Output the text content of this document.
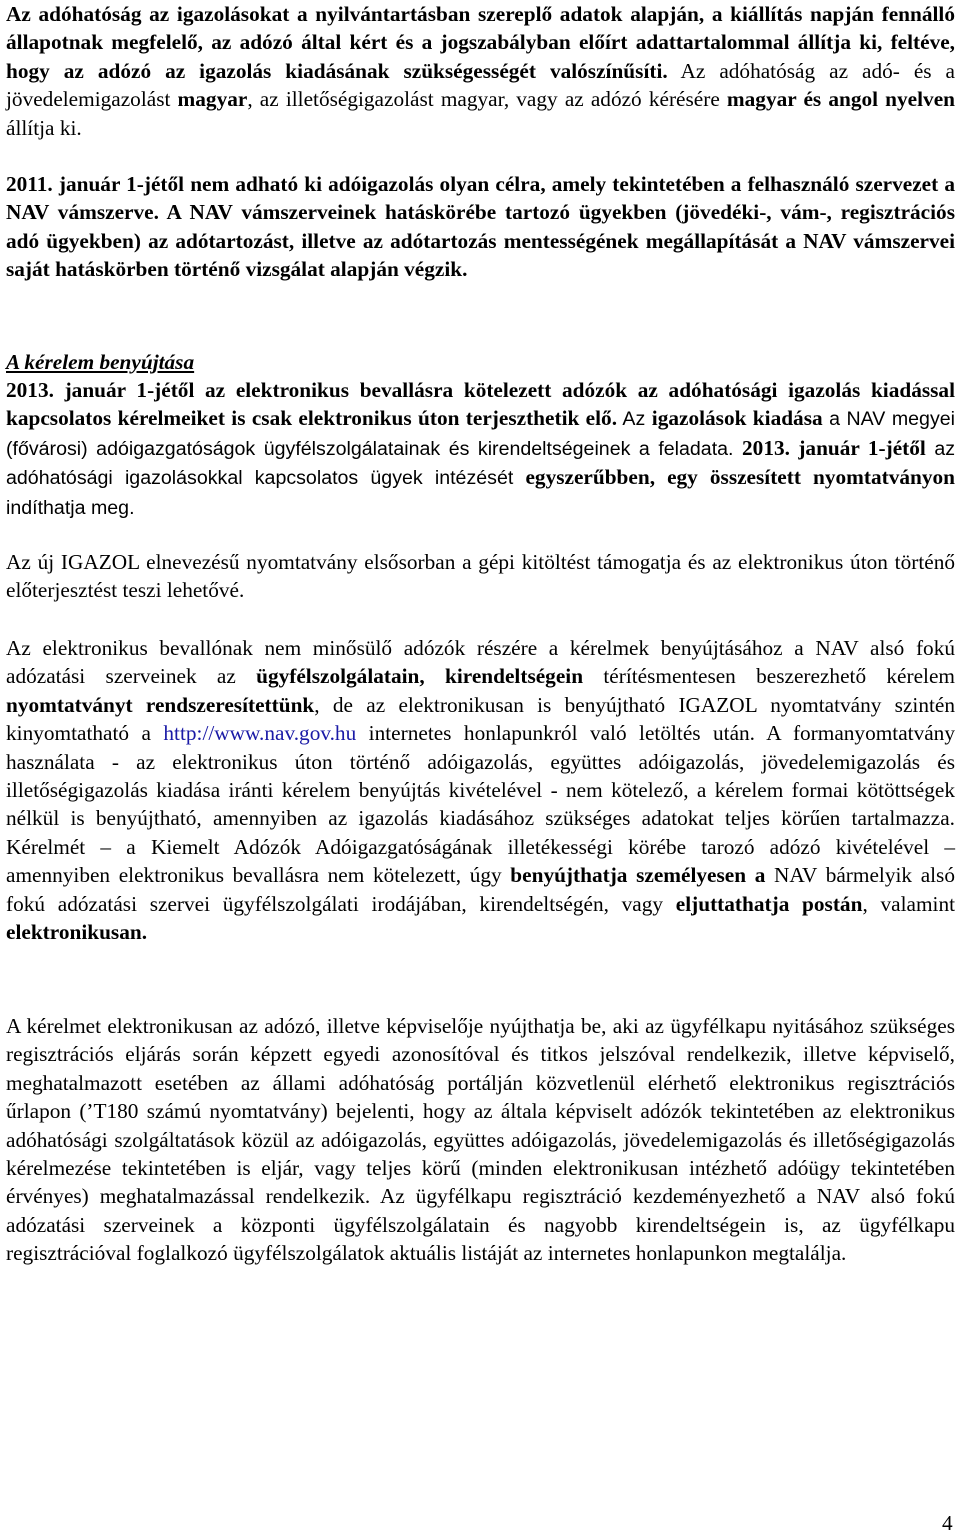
Az adóhatóság az igazolásokat a nyilvántartásban szereplő adatok alapján, a kiállítás napján fennálló állapotnak megfelelő, az adózó által kért és a jogszabályban előírt adattartalommal állítja ki, feltéve, hogy az adózó az igazolás kiadásának szükségességét valószínűsíti. Az adóhatóság az adó- és a jövedelemigazolást magyar, az illetőségigazolást magyar, vagy az adózó kérésére magyar és angol nyelven állítja ki.

2011. január 1-jétől nem adható ki adóigazolás olyan célra, amely tekintetében a felhasználó szervezet a NAV vámszerve. A NAV vámszerveinek hatáskörébe tartozó ügyekben (jövedéki-, vám-, regisztrációs adó ügyekben) az adótartozást, illetve az adótartozás mentességének megállapítását a NAV vámszervei saját hatáskörben történő vizsgálat alapján végzik.

A kérelem benyújtása

2013. január 1-jétől az elektronikus bevallásra kötelezett adózók az adóhatósági igazolás kiadással kapcsolatos kérelmeiket is csak elektronikus úton terjeszthetik elő. Az igazolások kiadása a NAV megyei (fővárosi) adóigazgatóságok ügyfélszolgálatainak és kirendeltségeinek a feladata. 2013. január 1-jétől az adóhatósági igazolásokkal kapcsolatos ügyek intézését egyszerűbben, egy összesített nyomtatványon indíthatja meg.

Az új IGAZOL elnevezésű nyomtatvány elsősorban a gépi kitöltést támogatja és az elektronikus úton történő előterjesztést teszi lehetővé.

Az elektronikus bevallónak nem minősülő adózók részére a kérelmek benyújtásához a NAV alsó fokú adózatási szerveinek az ügyfélszolgálatain, kirendeltségein térítésmentesen beszerezhető kérelem nyomtatványt rendszeresítettünk, de az elektronikusan is benyújtható IGAZOL nyomtatvány szintén kinyomtatható a http://www.nav.gov.hu internetes honlapunkról való letöltés után. A formanyomtatvány használata - az elektronikus úton történő adóigazolás, együttes adóigazolás, jövedelemigazolás és illetőségigazolás kiadása iránti kérelem benyújtás kivételével - nem kötelező, a kérelem formai kötöttségek nélkül is benyújtható, amennyiben az igazolás kiadásához szükséges adatokat teljes körűen tartalmazza. Kérelmét – a Kiemelt Adózók Adóigazgatóságának illetékességi körébe tarozó adózó kivételével – amennyiben elektronikus bevallásra nem kötelezett, úgy benyújthatja személyesen a NAV bármelyik alsó fokú adózatási szervei ügyfélszolgálati irodájában, kirendeltségén, vagy eljuttathatja postán, valamint elektronikusan.

A kérelmet elektronikusan az adózó, illetve képviselője nyújthatja be, aki az ügyfélkapu nyitásához szükséges regisztrációs eljárás során képzett egyedi azonosítóval és titkos jelszóval rendelkezik, illetve képviselő, meghatalmazott esetében az állami adóhatóság portálján közvetlenül elérhető elektronikus regisztrációs űrlapon (’T180 számú nyomtatvány) bejelenti, hogy az általa képviselt adózók tekintetében az elektronikus adóhatósági szolgáltatások közül az adóigazolás, együttes adóigazolás, jövedelemigazolás és illetőségigazolás kérelmezése tekintetében is eljár, vagy teljes körű (minden elektronikusan intézhető adóügy tekintetében érvényes) meghatalmazással rendelkezik. Az ügyfélkapu regisztráció kezdeményezhető a NAV alsó fokú adózatási szerveinek a központi ügyfélszolgálatain és nagyobb kirendeltségein is, az ügyfélkapu regisztrációval foglalkozó ügyfélszolgálatok aktuális listáját az internetes honlapunkon megtalálja.

4
